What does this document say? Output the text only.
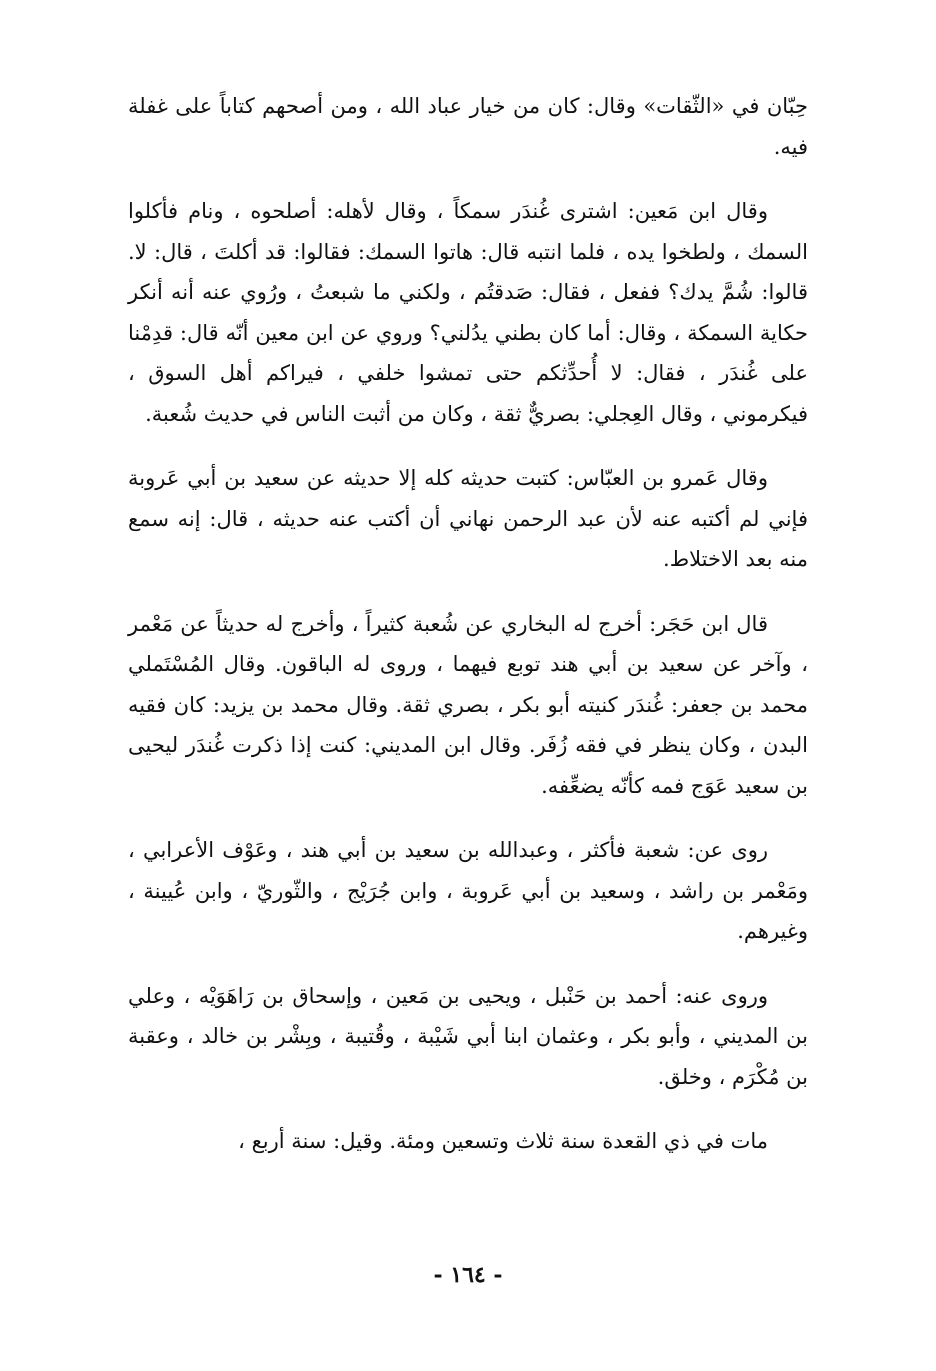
حِبّان في «الثّقات» وقال: كان من خيار عباد الله ، ومن أصحهم كتاباً على غفلة فيه.

وقال ابن مَعين: اشترى غُندَر سمكاً ، وقال لأهله: أصلحوه ، ونام فأكلوا السمك ، ولطخوا يده ، فلما انتبه قال: هاتوا السمك: فقالوا: قد أكلتَ ، قال: لا. قالوا: شُمَّ يدك؟ ففعل ، فقال: صَدقتُم ، ولكني ما شبعتُ ، ورُوي عنه أنه أنكر حكاية السمكة ، وقال: أما كان بطني يدُلني؟ وروي عن ابن معين أنّه قال: قدِمْنا على غُندَر ، فقال: لا أُحدِّثكم حتى تمشوا خلفي ، فيراكم أهل السوق ، فيكرموني ، وقال العِجلي: بصريٌّ ثقة ، وكان من أثبت الناس في حديث شُعبة.

وقال عَمرو بن العبّاس: كتبت حديثه كله إلا حديثه عن سعيد بن أبي عَروبة فإني لم أكتبه عنه لأن عبد الرحمن نهاني أن أكتب عنه حديثه ، قال: إنه سمع منه بعد الاختلاط.

قال ابن حَجَر: أخرج له البخاري عن شُعبة كثيراً ، وأخرج له حديثاً عن مَعْمر ، وآخر عن سعيد بن أبي هند توبع فيهما ، وروى له الباقون. وقال المُسْتَملي محمد بن جعفر: غُندَر كنيته أبو بكر ، بصري ثقة. وقال محمد بن يزيد: كان فقيه البدن ، وكان ينظر في فقه زُفَر. وقال ابن المديني: كنت إذا ذكرت غُندَر ليحيى بن سعيد عَوَج فمه كأنّه يضعِّفه.

روى عن: شعبة فأكثر ، وعبدالله بن سعيد بن أبي هند ، وعَوْف الأعرابي ، ومَعْمر بن راشد ، وسعيد بن أبي عَروبة ، وابن جُرَيْج ، والثّوريّ ، وابن عُيينة ، وغيرهم.

وروى عنه: أحمد بن حَنْبل ، ويحيى بن مَعين ، وإسحاق بن رَاهَوَيْه ، وعلي بن المديني ، وأبو بكر ، وعثمان ابنا أبي شَيْبة ، وقُتيبة ، وبِشْر بن خالد ، وعقبة بن مُكْرَم ، وخلق.

مات في ذي القعدة سنة ثلاث وتسعين ومئة. وقيل: سنة أربع ،

- ١٦٤ -
